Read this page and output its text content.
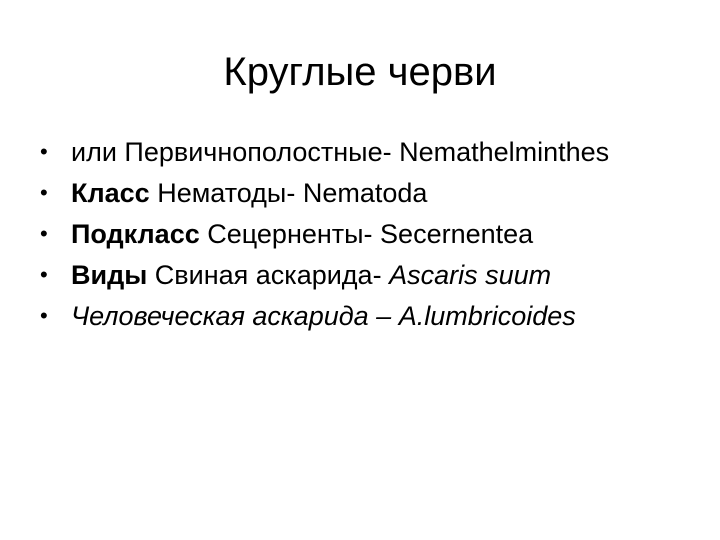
Круглые черви
• или Первичнополостные- Nemathelminthes
• Класс Нематоды- Nematoda
• Подкласс Сецерненты- Secernentea
• Виды Свиная аскарида- Ascaris suum
• Человеческая аскарида – A.lumbricoides
